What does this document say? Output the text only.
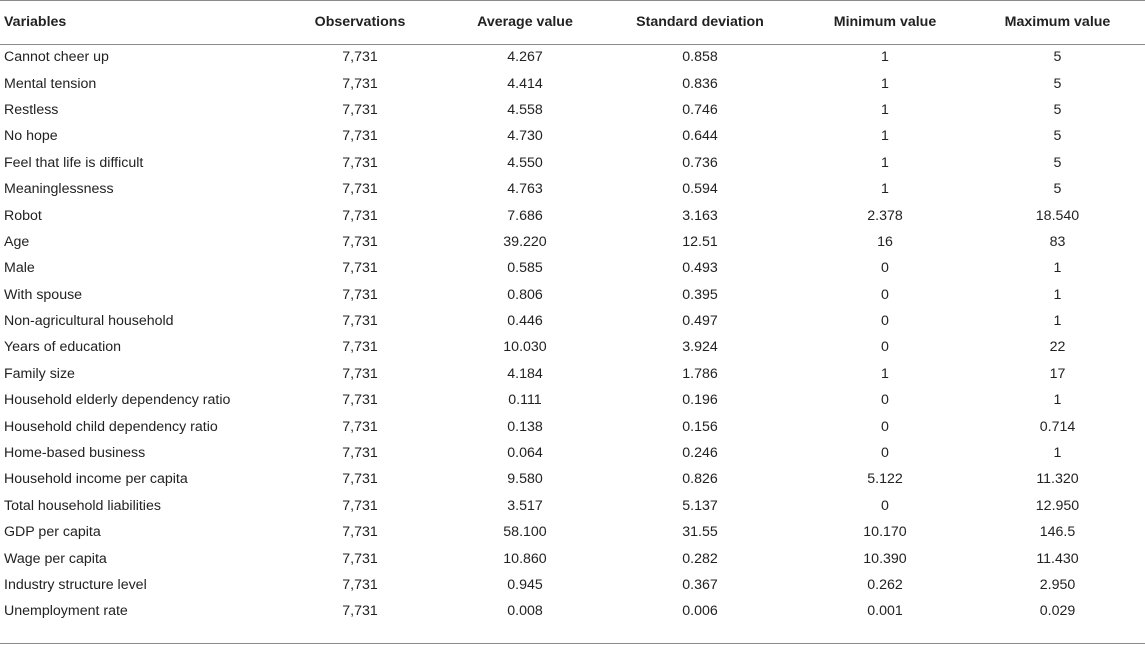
Variables	Observations	Average value	Standard deviation	Minimum value	Maximum value
Cannot cheer up	7,731	4.267	0.858	1	5
Mental tension	7,731	4.414	0.836	1	5
Restless	7,731	4.558	0.746	1	5
No hope	7,731	4.730	0.644	1	5
Feel that life is difficult	7,731	4.550	0.736	1	5
Meaninglessness	7,731	4.763	0.594	1	5
Robot	7,731	7.686	3.163	2.378	18.540
Age	7,731	39.220	12.51	16	83
Male	7,731	0.585	0.493	0	1
With spouse	7,731	0.806	0.395	0	1
Non-agricultural household	7,731	0.446	0.497	0	1
Years of education	7,731	10.030	3.924	0	22
Family size	7,731	4.184	1.786	1	17
Household elderly dependency ratio	7,731	0.111	0.196	0	1
Household child dependency ratio	7,731	0.138	0.156	0	0.714
Home-based business	7,731	0.064	0.246	0	1
Household income per capita	7,731	9.580	0.826	5.122	11.320
Total household liabilities	7,731	3.517	5.137	0	12.950
GDP per capita	7,731	58.100	31.55	10.170	146.5
Wage per capita	7,731	10.860	0.282	10.390	11.430
Industry structure level	7,731	0.945	0.367	0.262	2.950
Unemployment rate	7,731	0.008	0.006	0.001	0.029
